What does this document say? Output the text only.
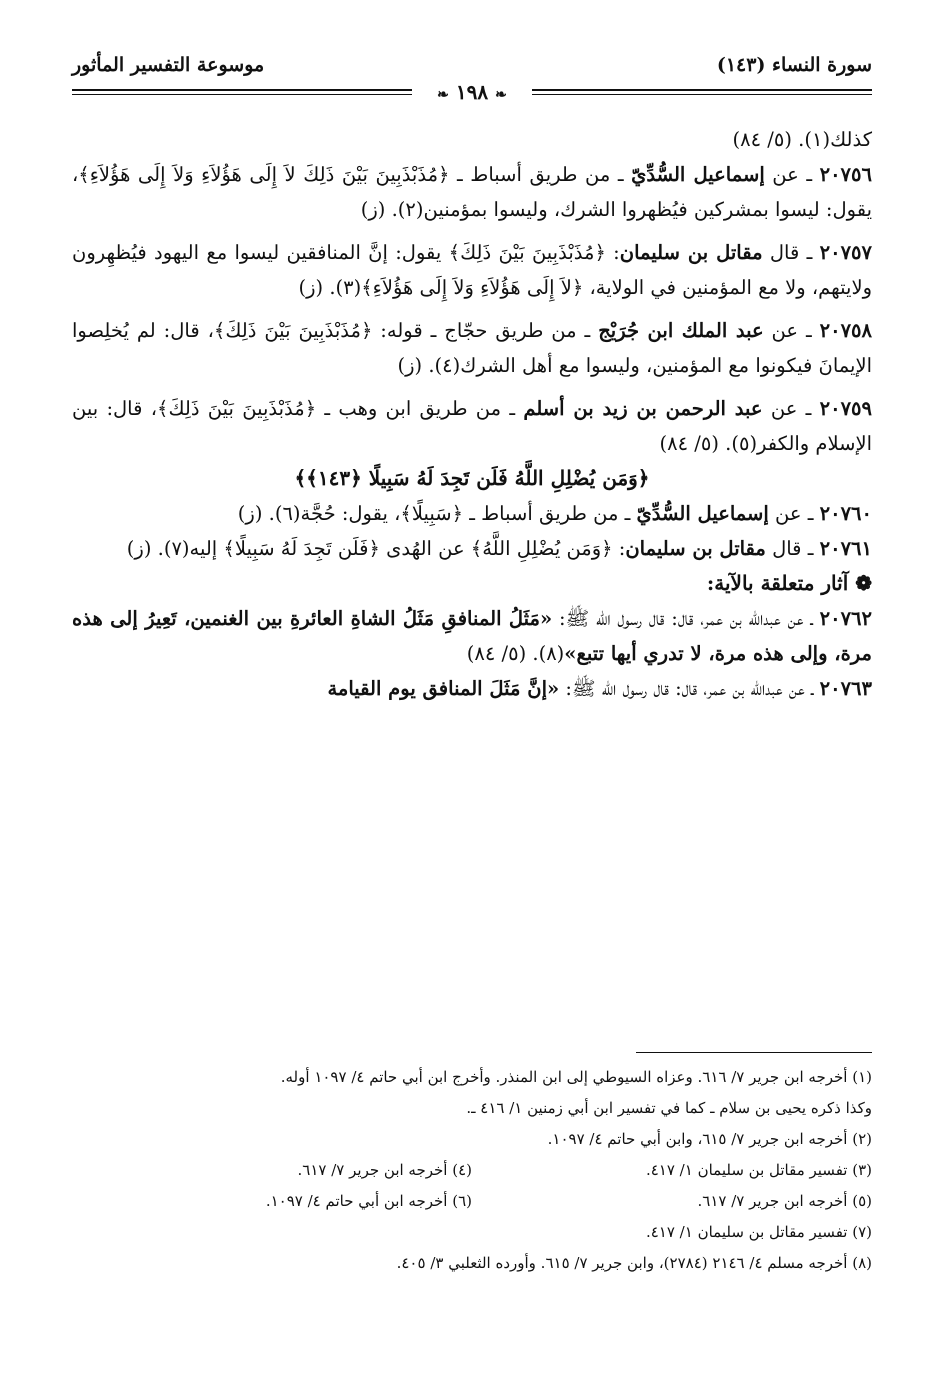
سورة النساء (١٤٣)
موسوعة التفسير المأثور
❧ ١٩٨ ❧

كذلك(١). (٥/ ٨٤)

٢٠٧٥٦ ـ عن إسماعيل السُّدِّيّ ـ من طريق أسباط ـ ﴿مُذَبْذَبِينَ بَيْنَ ذَلِكَ لاَ إِلَى هَؤُلاَءِ وَلاَ إِلَى هَؤُلاَءِ﴾، يقول: ليسوا بمشركين فيُظهروا الشرك، وليسوا بمؤمنين(٢). (ز)

٢٠٧٥٧ ـ قال مقاتل بن سليمان: ﴿مُذَبْذَبِينَ بَيْنَ ذَلِكَ﴾ يقول: إنَّ المنافقين ليسوا مع اليهود فيُظهِرون ولايتهم، ولا مع المؤمنين في الولاية، ﴿لاَ إِلَى هَؤُلاَءِ وَلاَ إِلَى هَؤُلاَءِ﴾(٣). (ز)

٢٠٧٥٨ ـ عن عبد الملك ابن جُرَيْج ـ من طريق حجّاج ـ قوله: ﴿مُذَبْذَبِينَ بَيْنَ ذَلِكَ﴾، قال: لم يُخلِصوا الإيمانَ فيكونوا مع المؤمنين، وليسوا مع أهل الشرك(٤). (ز)

٢٠٧٥٩ ـ عن عبد الرحمن بن زيد بن أسلم ـ من طريق ابن وهب ـ ﴿مُذَبْذَبِينَ بَيْنَ ذَلِكَ﴾، قال: بين الإسلام والكفر(٥). (٥/ ٨٤)

﴿وَمَن يُضْلِلِ اللَّهُ فَلَن تَجِدَ لَهُ سَبِيلًا ﴿١٤٣﴾﴾

٢٠٧٦٠ ـ عن إسماعيل السُّدِّيّ ـ من طريق أسباط ـ ﴿سَبِيلًا﴾، يقول: حُجَّة(٦). (ز)

٢٠٧٦١ ـ قال مقاتل بن سليمان: ﴿وَمَن يُضْلِلِ اللَّهُ﴾ عن الهُدى ﴿فَلَن تَجِدَ لَهُ سَبِيلًا﴾ إليه(٧). (ز)

❁ آثار متعلقة بالآية:

٢٠٧٦٢ ـ عن عبدالله بن عمر، قال: قال رسول الله ﷺ: «مَثَلُ المنافقِ مَثَلُ الشاةِ العائرةِ بين الغنمين، تَعِيرُ إلى هذه مرة، وإلى هذه مرة، لا تدري أيها تتبع»(٨). (٥/ ٨٤)

٢٠٧٦٣ ـ عن عبدالله بن عمر، قال: قال رسول الله ﷺ: «إنَّ مَثَلَ المنافق يوم القيامة

(١) أخرجه ابن جرير ٧/ ٦١٦. وعزاه السيوطي إلى ابن المنذر. وأخرج ابن أبي حاتم ٤/ ١٠٩٧ أوله.

وكذا ذكره يحيى بن سلام ـ كما في تفسير ابن أبي زمنين ١/ ٤١٦ ـ.

(٢) أخرجه ابن جرير ٧/ ٦١٥، وابن أبي حاتم ٤/ ١٠٩٧.

(٣) تفسير مقاتل بن سليمان ١/ ٤١٧.

(٤) أخرجه ابن جرير ٧/ ٦١٧.

(٥) أخرجه ابن جرير ٧/ ٦١٧.

(٦) أخرجه ابن أبي حاتم ٤/ ١٠٩٧.

(٧) تفسير مقاتل بن سليمان ١/ ٤١٧.

(٨) أخرجه مسلم ٤/ ٢١٤٦ (٢٧٨٤)، وابن جرير ٧/ ٦١٥. وأورده الثعلبي ٣/ ٤٠٥.
